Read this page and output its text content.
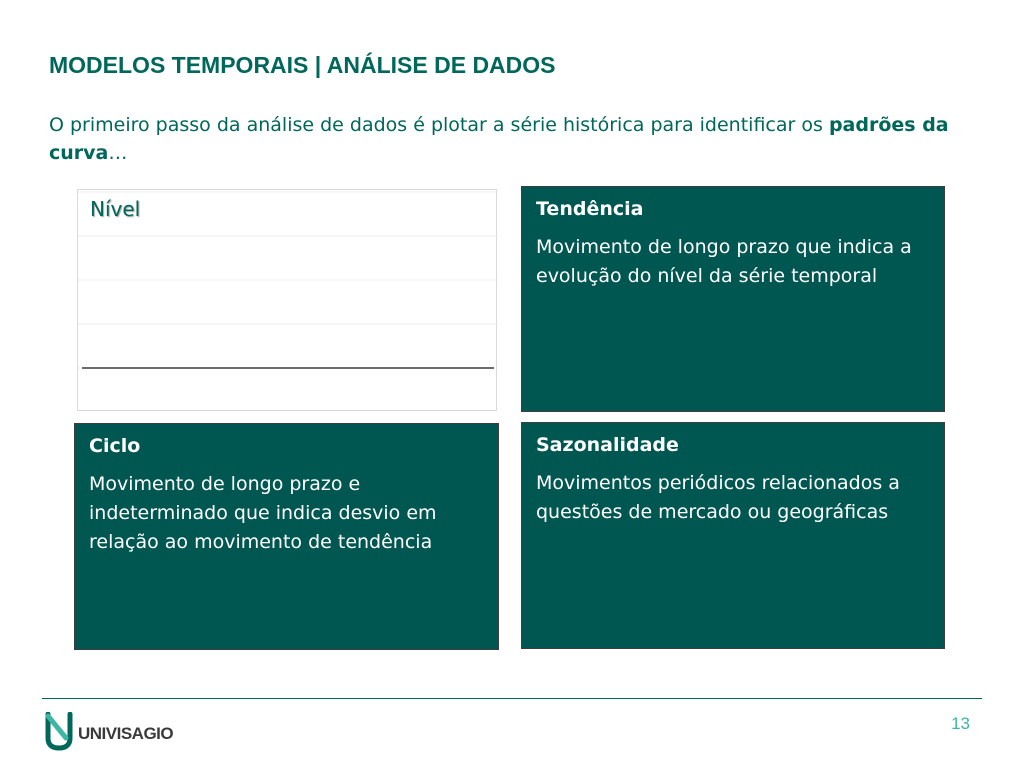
MODELOS TEMPORAIS | ANÁLISE DE DADOS

O primeiro passo da análise de dados é plotar a série histórica para identificar os padrões da curva…

Nível	Tendência

Movimento de longo prazo que indica a evolução do nível da série temporal

Ciclo

Movimento de longo prazo e indeterminado que indica desvio em relação ao movimento de tendência

Sazonalidade

Movimentos periódicos relacionados a questões de mercado ou geográficas

UNIVISAGIO
13
